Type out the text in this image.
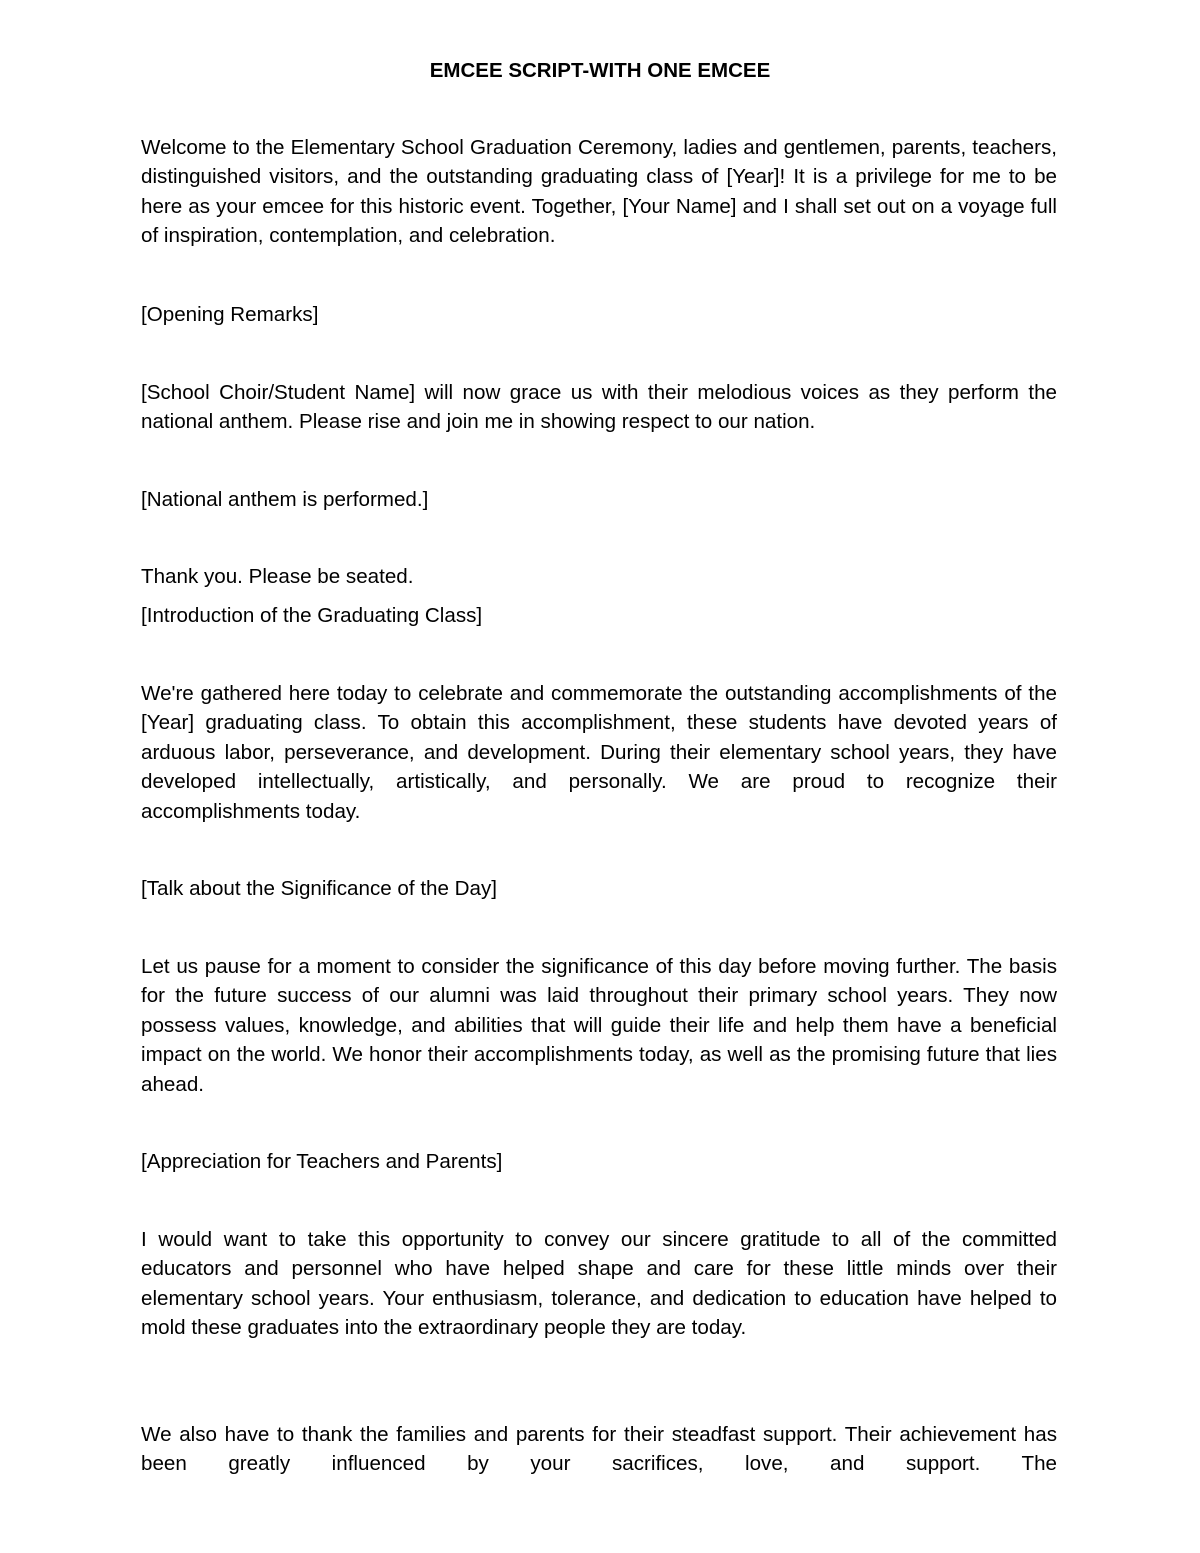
EMCEE SCRIPT-WITH ONE EMCEE

Welcome to the Elementary School Graduation Ceremony, ladies and gentlemen, parents, teachers, distinguished visitors, and the outstanding graduating class of [Year]! It is a privilege for me to be here as your emcee for this historic event. Together, [Your Name] and I shall set out on a voyage full of inspiration, contemplation, and celebration.

[Opening Remarks]

[School Choir/Student Name] will now grace us with their melodious voices as they perform the national anthem. Please rise and join me in showing respect to our nation.

[National anthem is performed.]

Thank you. Please be seated.

[Introduction of the Graduating Class]

We're gathered here today to celebrate and commemorate the outstanding accomplishments of the [Year] graduating class. To obtain this accomplishment, these students have devoted years of arduous labor, perseverance, and development. During their elementary school years, they have developed intellectually, artistically, and personally. We are proud to recognize their accomplishments today.

[Talk about the Significance of the Day]

Let us pause for a moment to consider the significance of this day before moving further. The basis for the future success of our alumni was laid throughout their primary school years. They now possess values, knowledge, and abilities that will guide their life and help them have a beneficial impact on the world. We honor their accomplishments today, as well as the promising future that lies ahead.

[Appreciation for Teachers and Parents]

I would want to take this opportunity to convey our sincere gratitude to all of the committed educators and personnel who have helped shape and care for these little minds over their elementary school years. Your enthusiasm, tolerance, and dedication to education have helped to mold these graduates into the extraordinary people they are today.

We also have to thank the families and parents for their steadfast support. Their achievement has been greatly influenced by your sacrifices, love, and support. The
